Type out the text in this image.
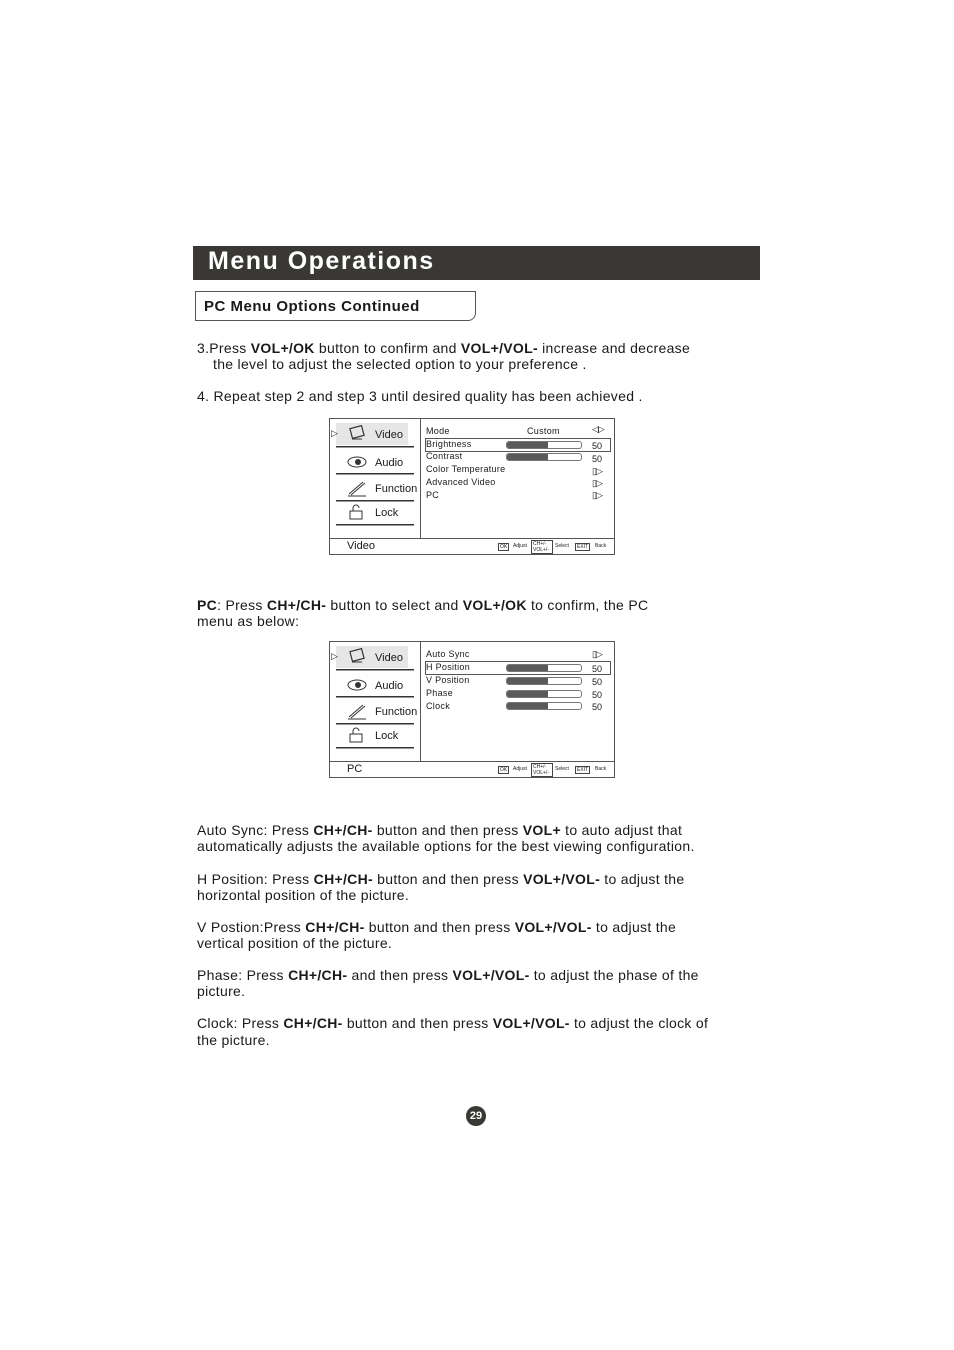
Menu Operations
PC Menu Options Continued
3.Press VOL+/OK button to confirm and VOL+/VOL- increase and decrease
the level to adjust the selected option to your preference .
4. Repeat step 2 and step 3 until desired quality has been achieved .
▷	Video
Audio
Function
Lock
Mode	Custom	◁▷
Brightness	50
Contrast	50
Color Temperature	▯▷
Advanced Video	▯▷
PC	▯▷
Video	OK	Adjust	CH+/- VOL+/-
Select	EXIT	Back
PC: Press CH+/CH- button to select and VOL+/OK to confirm, the PC
menu as below:
▷	Video
Audio
Function
Lock
Auto Sync	▯▷
H Position	50
V Position	50
Phase	50
Clock	50
PC	OK	Adjust	CH+/- VOL+/-
Select	EXIT	Back
Auto Sync: Press CH+/CH- button and then press VOL+ to auto adjust that
automatically adjusts the available options for the best viewing configuration.
H Position: Press CH+/CH- button and then press VOL+/VOL- to adjust the
horizontal position of the picture.
V Postion:Press CH+/CH- button and then press VOL+/VOL- to adjust the
vertical position of the picture.
Phase: Press CH+/CH- and then press VOL+/VOL- to adjust the phase of the
picture.
Clock: Press CH+/CH- button and then press VOL+/VOL- to adjust the clock of
the picture.
29
